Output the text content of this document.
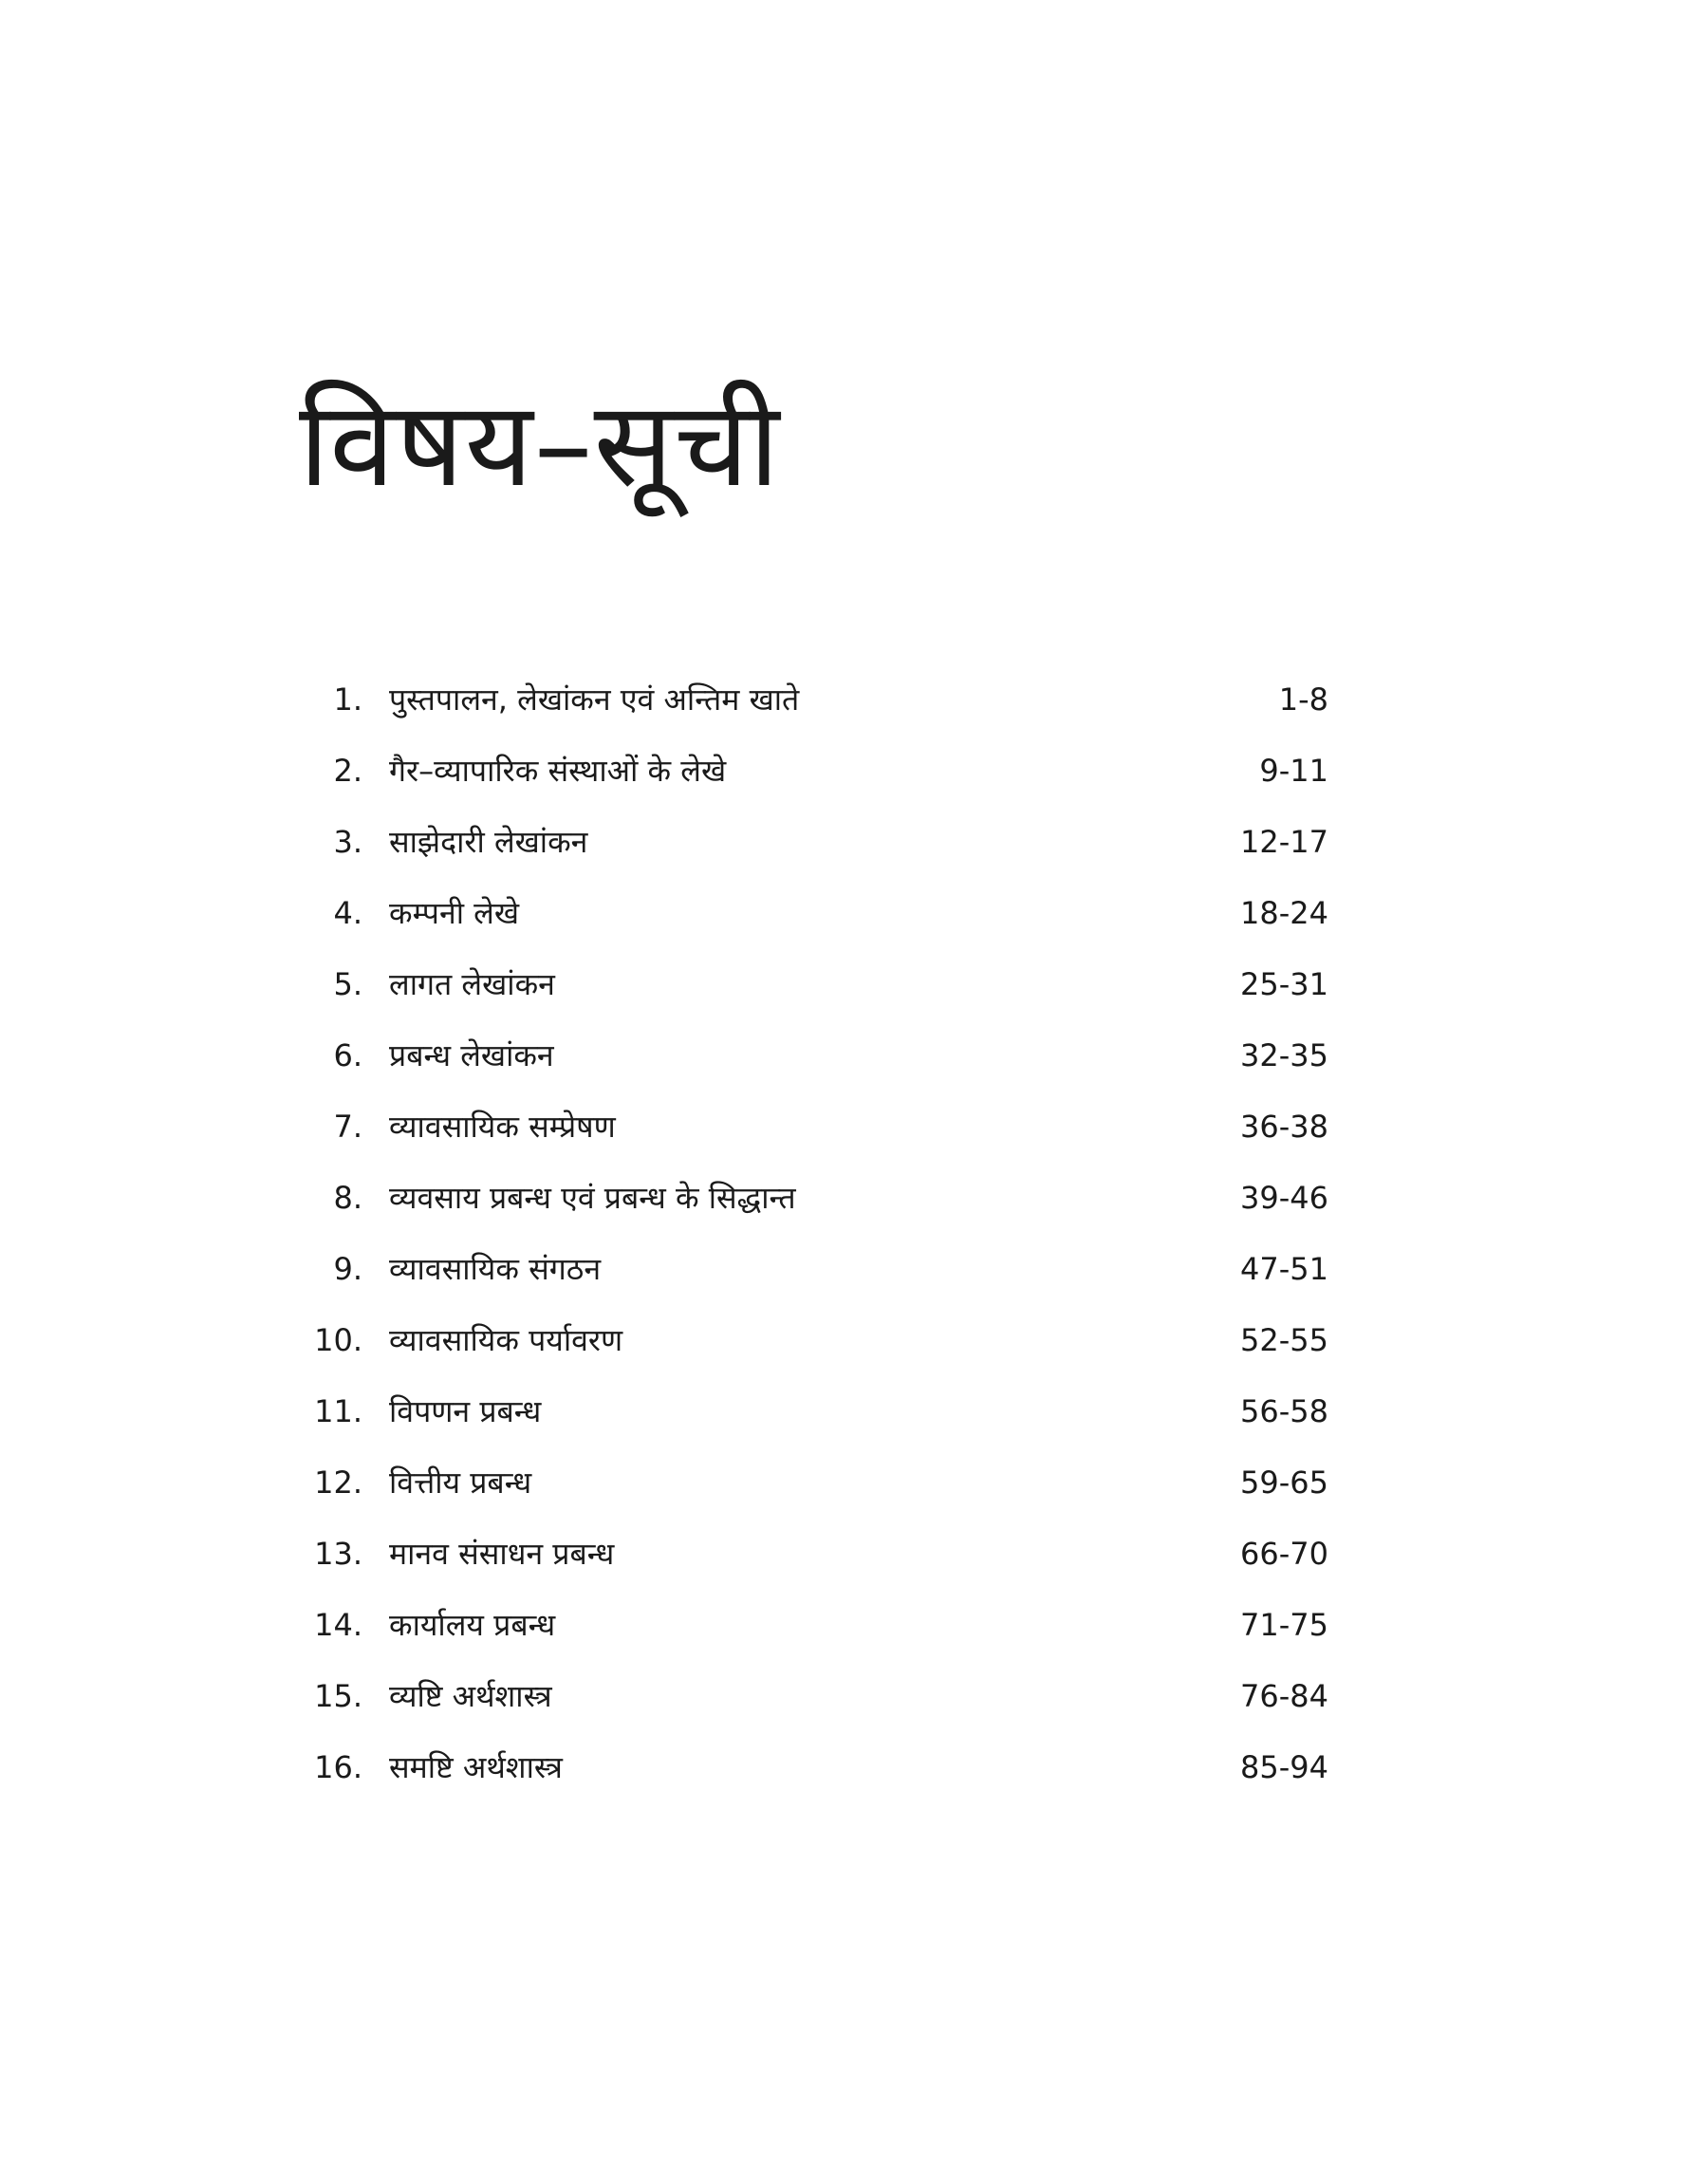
विषय–सूची
1. पुस्तपालन, लेखांकन एवं अन्तिम खाते	1-8
2. गैर–व्यापारिक संस्थाओं के लेखे	9-11
3. साझेदारी लेखांकन	12-17
4. कम्पनी लेखे	18-24
5. लागत लेखांकन	25-31
6. प्रबन्ध लेखांकन	32-35
7. व्यावसायिक सम्प्रेषण	36-38
8. व्यवसाय प्रबन्ध एवं प्रबन्ध के सिद्धान्त	39-46
9. व्यावसायिक संगठन	47-51
10. व्यावसायिक पर्यावरण	52-55
11. विपणन प्रबन्ध	56-58
12. वित्तीय प्रबन्ध	59-65
13. मानव संसाधन प्रबन्ध	66-70
14. कार्यालय प्रबन्ध	71-75
15. व्यष्टि अर्थशास्त्र	76-84
16. समष्टि अर्थशास्त्र	85-94
